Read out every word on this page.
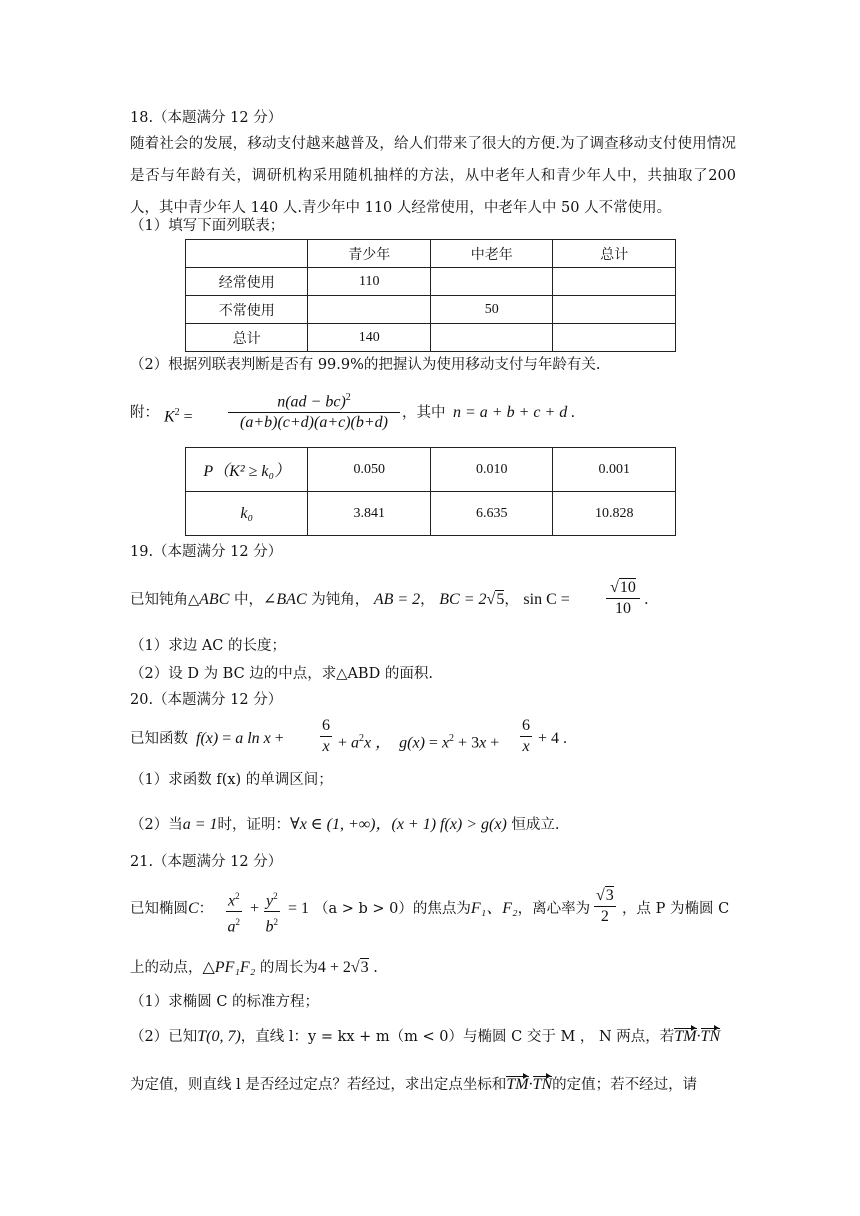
18.（本题满分 12 分）
随着社会的发展，移动支付越来越普及，给人们带来了很大的方便.为了调查移动支付使用情况是否与年龄有关，调研机构采用随机抽样的方法，从中老年人和青少年人中，共抽取了200 人，其中青少年人 140 人.青少年中 110 人经常使用，中老年人中 50 人不常使用。
（1）填写下面列联表；
	青少年	中老年	总计
经常使用	110		
不常使用		50	
总计	140		
（2）根据列联表判断是否有 99.9%的把握认为使用移动支付与年龄有关.
附： $K^2 = \frac{n(ad - bc)^2}{(a+b)(c+d)(a+c)(b+d)}$ ，其中 n = a + b + c + d .
P（K² ≥ k₀）	0.050	0.010	0.001
k₀	3.841	6.635	10.828
19.（本题满分 12 分）
已知钝角△ABC 中，∠BAC 为钝角， AB = 2， BC = 2√5， $\sin C = \frac{√10}{10}$ .
（1）求边 AC 的长度；
（2）设 D 为 BC 边的中点，求△ABD 的面积.
20.（本题满分 12 分）
已知函数 f(x) = a $\ln x + \frac{6}{x} + a^2x$ ，  $g(x) = x^2 + 3x + \frac{6}{x} + 4$ .
（1）求函数 f(x) 的单调区间；
（2）当a = 1时，证明：∀x ∈ (1, +∞)，(x + 1) f(x) > g(x) 恒成立.
21.（本题满分 12 分）
已知椭圆C： $\frac{x^2}{a^2} + \frac{y^2}{b^2} = 1$ （a > b > 0）的焦点为F₁、F₂，离心率为 $\frac{√3}{2}$ ，点 P 为椭圆 C
上的动点，△PF₁F₂ 的周长为4 + 2√3 .
（1）求椭圆 C 的标准方程；
（2）已知T(0, 7)，直线 l：y = kx + m（m < 0）与椭圆 C 交于 M ， N 两点，若TM·TN
为定值，则直线 l 是否经过定点？若经过，求出定点坐标和TM·TN的定值；若不经过，请
